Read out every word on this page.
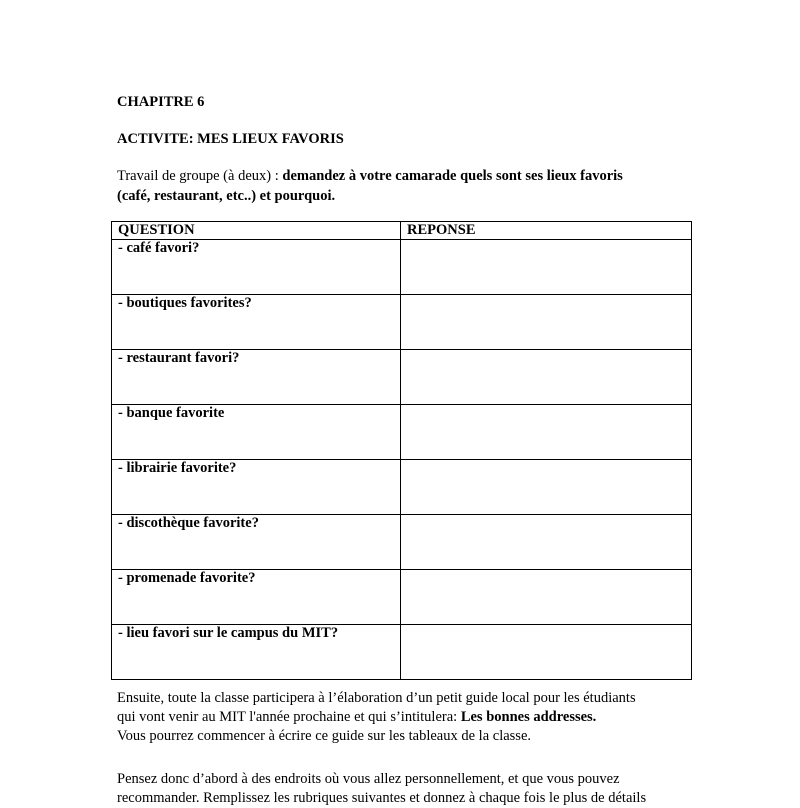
CHAPITRE 6
ACTIVITE: MES LIEUX FAVORIS
Travail de groupe (à deux) : demandez à votre camarade quels sont ses lieux favoris
(café, restaurant, etc..) et pourquoi.
QUESTION	REPONSE
- café favori?	
- boutiques favorites?	
- restaurant favori?	
- banque favorite	
- librairie favorite?	
- discothèque favorite?	
- promenade favorite?	
- lieu favori sur le campus du MIT?	
Ensuite, toute la classe participera à l’élaboration d’un petit guide local pour les étudiants
qui vont venir au MIT l'année prochaine et qui s’intitulera: Les bonnes addresses.
Vous pourrez commencer à écrire ce guide sur les tableaux de la classe.
Pensez donc d’abord à des endroits où vous allez personnellement, et que vous pouvez
recommander. Remplissez les rubriques suivantes et donnez à chaque fois le plus de détails
